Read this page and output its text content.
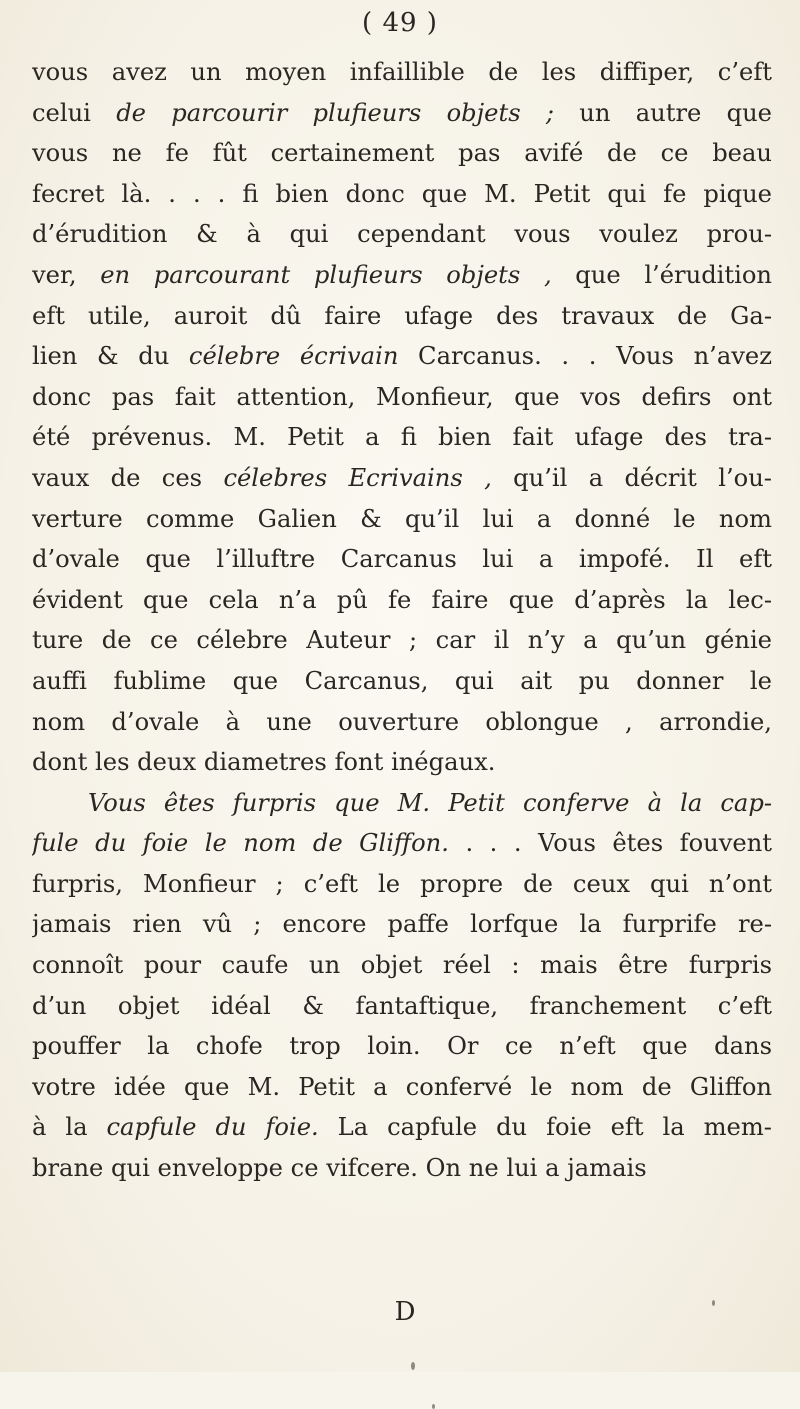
( 49 )
vous avez un moyen infaillible de les diffiper, c’eft
celui de parcourir plufieurs objets ; un autre que
vous ne fe fût certainement pas avifé de ce beau
fecret là. . . . fi bien donc que M. Petit qui fe pique
d’érudition & à qui cependant vous voulez prou-
ver, en parcourant plufieurs objets , que l’érudition
eft utile, auroit dû faire ufage des travaux de Ga-
lien & du célebre écrivain Carcanus. . . Vous n’avez
donc pas fait attention, Monfieur, que vos defirs ont
été prévenus. M. Petit a fi bien fait ufage des tra-
vaux de ces célebres Ecrivains , qu’il a décrit l’ou-
verture comme Galien & qu’il lui a donné le nom
d’ovale que l’illuftre Carcanus lui a impofé. Il eft
évident que cela n’a pû fe faire que d’après la lec-
ture de ce célebre Auteur ; car il n’y a qu’un génie
auffi fublime que Carcanus, qui ait pu donner le
nom d’ovale à une ouverture oblongue , arrondie,
dont les deux diametres font inégaux.
Vous êtes furpris que M. Petit conferve à la cap-
fule du foie le nom de Gliffon. . . . Vous êtes fouvent
furpris, Monfieur ; c’eft le propre de ceux qui n’ont
jamais rien vû ; encore paffe lorfque la furprife re-
connoît pour caufe un objet réel : mais être furpris
d’un objet idéal & fantaftique, franchement c’eft
pouffer la chofe trop loin. Or ce n’eft que dans
votre idée que M. Petit a confervé le nom de Gliffon
à la capfule du foie. La capfule du foie eft la mem-
brane qui enveloppe ce vifcere. On ne lui a jamais
D
